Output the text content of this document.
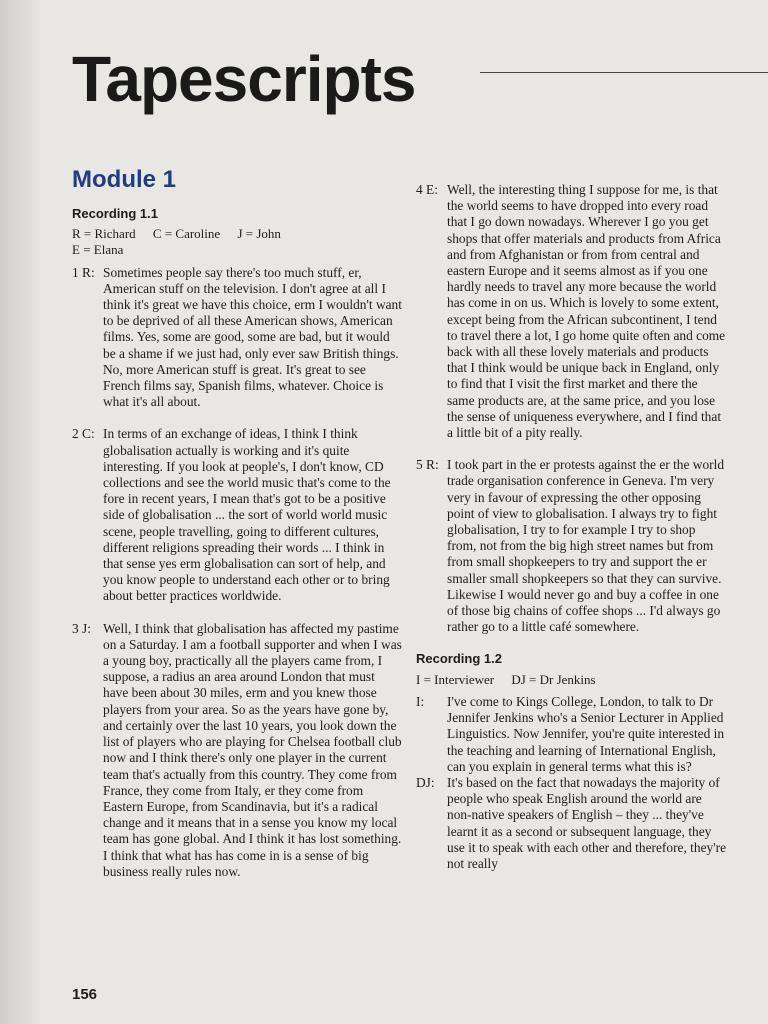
Tapescripts
Module 1
Recording 1.1

R = Richard C = Caroline J = John

E = Elana

1 R: Sometimes people say there's too much stuff, er, American stuff on the television. I don't agree at all I think it's great we have this choice, erm I wouldn't want to be deprived of all these American shows, American films. Yes, some are good, some are bad, but it would be a shame if we just had, only ever saw British things. No, more American stuff is great. It's great to see French films say, Spanish films, whatever. Choice is what it's all about.
2 C: In terms of an exchange of ideas, I think I think globalisation actually is working and it's quite interesting. If you look at people's, I don't know, CD collections and see the world music that's come to the fore in recent years, I mean that's got to be a positive side of globalisation ... the sort of world world music scene, people travelling, going to different cultures, different religions spreading their words ... I think in that sense yes erm globalisation can sort of help, and you know people to understand each other or to bring about better practices worldwide.
3 J: Well, I think that globalisation has affected my pastime on a Saturday. I am a football supporter and when I was a young boy, practically all the players came from, I suppose, a radius an area around London that must have been about 30 miles, erm and you knew those players from your area. So as the years have gone by, and certainly over the last 10 years, you look down the list of players who are playing for Chelsea football club now and I think there's only one player in the current team that's actually from this country. They come from France, they come from Italy, er they come from Eastern Europe, from Scandinavia, but it's a radical change and it means that in a sense you know my local team has gone global. And I think it has lost something. I think that what has has come in is a sense of big business really rules now.
4 E: Well, the interesting thing I suppose for me, is that the world seems to have dropped into every road that I go down nowadays. Wherever I go you get shops that offer materials and products from Africa and from Afghanistan or from from central and eastern Europe and it seems almost as if you one hardly needs to travel any more because the world has come in on us. Which is lovely to some extent, except being from the African subcontinent, I tend to travel there a lot, I go home quite often and come back with all these lovely materials and products that I think would be unique back in England, only to find that I visit the first market and there the same products are, at the same price, and you lose the sense of uniqueness everywhere, and I find that a little bit of a pity really.
5 R: I took part in the er protests against the er the world trade organisation conference in Geneva. I'm very very in favour of expressing the other opposing point of view to globalisation. I always try to fight globalisation, I try to for example I try to shop from, not from the big high street names but from from small shopkeepers to try and support the er smaller small shopkeepers so that they can survive. Likewise I would never go and buy a coffee in one of those big chains of coffee shops ... I'd always go rather go to a little café somewhere.
Recording 1.2

I = Interviewer DJ = Dr Jenkins

I:	I've come to Kings College, London, to talk to Dr Jennifer Jenkins who's a Senior Lecturer in Applied Linguistics. Now Jennifer, you're quite interested in the teaching and learning of International English, can you explain in general terms what this is?
DJ: It's based on the fact that nowadays the majority of people who speak English around the world are non-native speakers of English – they ... they've learnt it as a second or subsequent language, they use it to speak with each other and therefore, they're not really
156
